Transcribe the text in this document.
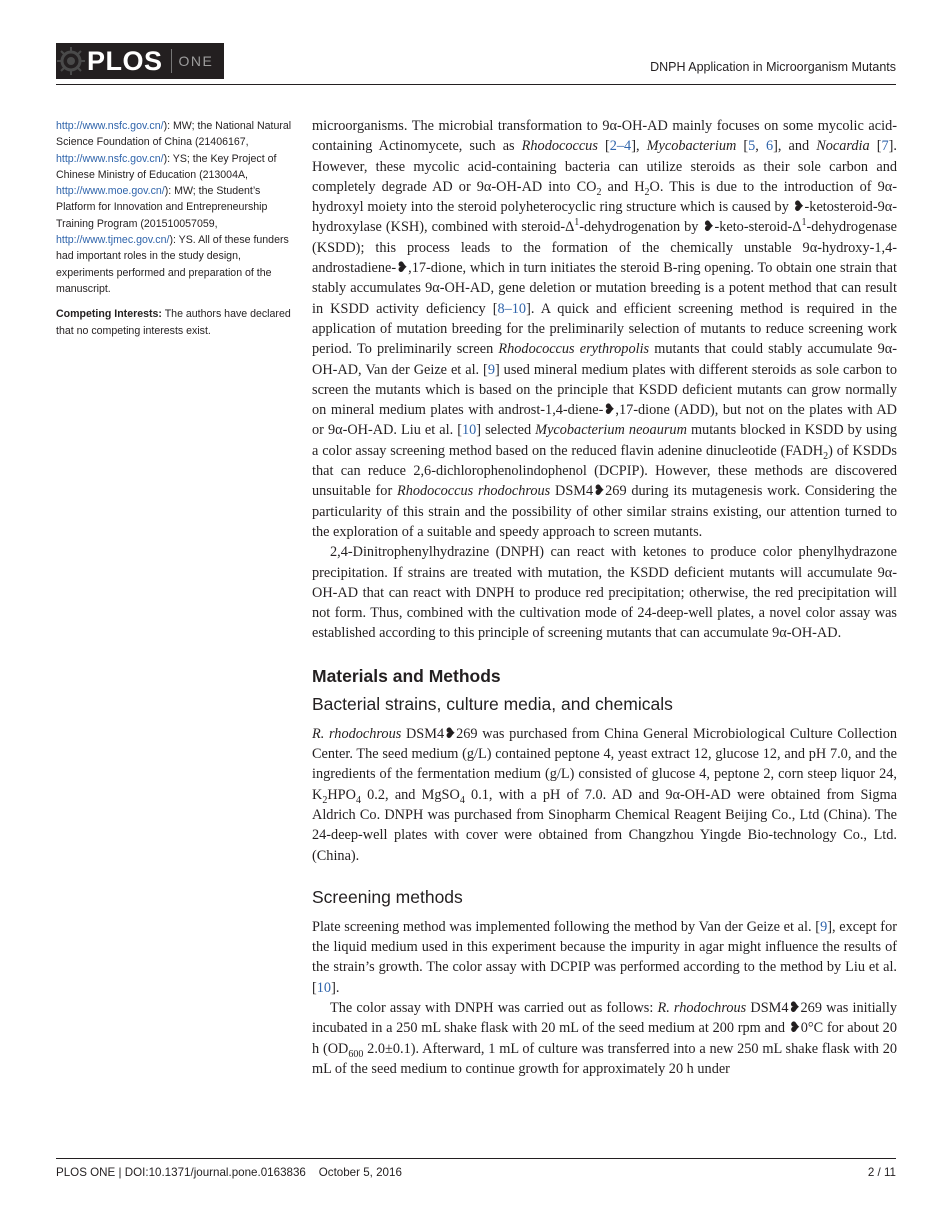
PLOS ONE	DNPH Application in Microorganism Mutants

http://www.nsfc.gov.cn/): MW; the National Natural Science Foundation of China (21406167, http://www.nsfc.gov.cn/): YS; the Key Project of Chinese Ministry of Education (213004A, http://www.moe.gov.cn/): MW; the Student’s Platform for Innovation and Entrepreneurship Training Program (201510057059, http://www.tjmec.gov.cn/): YS. All of these funders had important roles in the study design, experiments performed and preparation of the manuscript.

Competing Interests: The authors have declared that no competing interests exist.

microorganisms. The microbial transformation to 9α-OH-AD mainly focuses on some mycolic acid-containing Actinomycete, such as Rhodococcus [2–4], Mycobacterium [5, 6], and Nocardia [7]. However, these mycolic acid-containing bacteria can utilize steroids as their sole carbon and completely degrade AD or 9α-OH-AD into $CO_2$ and $H_2O$. This is due to the introduction of 9α-hydroxyl moiety into the steroid polyheterocyclic ring structure which is caused by ❥-ketosteroid-9α-hydroxylase (KSH), combined with steroid-$\Delta^1$-dehydrogenation by $❥-keto-steroid-\Delta^1$-dehydrogenase (KSDD); this process leads to the formation of the chemically unstable 9α-hydroxy-1,4-androstadiene-❥,17-dione, which in turn initiates the steroid B-ring opening. To obtain one strain that stably accumulates 9α-OH-AD, gene deletion or mutation breeding is a potent method that can result in KSDD activity deficiency [8–10]. A quick and efficient screening method is required in the application of mutation breeding for the preliminarily selection of mutants to reduce screening work period. To preliminarily screen Rhodococcus erythropolis mutants that could stably accumulate 9α-OH-AD, Van der Geize et al. [9] used mineral medium plates with different steroids as sole carbon to screen the mutants which is based on the principle that KSDD deficient mutants can grow normally on mineral medium plates with androst-1,4-diene-❥,17-dione (ADD), but not on the plates with AD or 9α-OH-AD. Liu et al. [10] selected Mycobacterium neoaurum mutants blocked in KSDD by using a color assay screening method based on the reduced flavin adenine dinucleotide $(FADH_2)$ of KSDDs that can reduce 2,6-dichlorophenolindophenol (DCPIP). However, these methods are discovered unsuitable for Rhodococcus rhodochrous DSM4❥269 during its mutagenesis work. Considering the particularity of this strain and the possibility of other similar strains existing, our attention turned to the exploration of a suitable and speedy approach to screen mutants.

2,4-Dinitrophenylhydrazine (DNPH) can react with ketones to produce color phenylhydrazone precipitation. If strains are treated with mutation, the KSDD deficient mutants will accumulate 9α-OH-AD that can react with DNPH to produce red precipitation; otherwise, the red precipitation will not form. Thus, combined with the cultivation mode of 24-deep-well plates, a novel color assay was established according to this principle of screening mutants that can accumulate 9α-OH-AD.

Materials and Methods
Bacterial strains, culture media, and chemicals

R. rhodochrous DSM4❥269 was purchased from China General Microbiological Culture Collection Center. The seed medium (g/L) contained peptone 4, yeast extract 12, glucose 12, and pH 7.0, and the ingredients of the fermentation medium (g/L) consisted of glucose 4, peptone 2, corn steep liquor 24, $K_2HPO_4$ 0.2, and MgSO$_4$ 0.1, with a pH of 7.0. AD and 9α-OH-AD were obtained from Sigma Aldrich Co. DNPH was purchased from Sinopharm Chemical Reagent Beijing Co., Ltd (China). The 24-deep-well plates with cover were obtained from Changzhou Yingde Bio-technology Co., Ltd. (China).

Screening methods

Plate screening method was implemented following the method by Van der Geize et al. [9], except for the liquid medium used in this experiment because the impurity in agar might influence the results of the strain’s growth. The color assay with DCPIP was performed according to the method by Liu et al. [10].

The color assay with DNPH was carried out as follows: R. rhodochrous DSM4❥269 was initially incubated in a 250 mL shake flask with 20 mL of the seed medium at 200 rpm and ❥0°C for about 20 h ($OD_{600}$ 2.0±0.1). Afterward, 1 mL of culture was transferred into a new 250 mL shake flask with 20 mL of the seed medium to continue growth for approximately 20 h under

PLOS ONE | DOI:10.1371/journal.pone.0163836    October 5, 2016	2 / 11
